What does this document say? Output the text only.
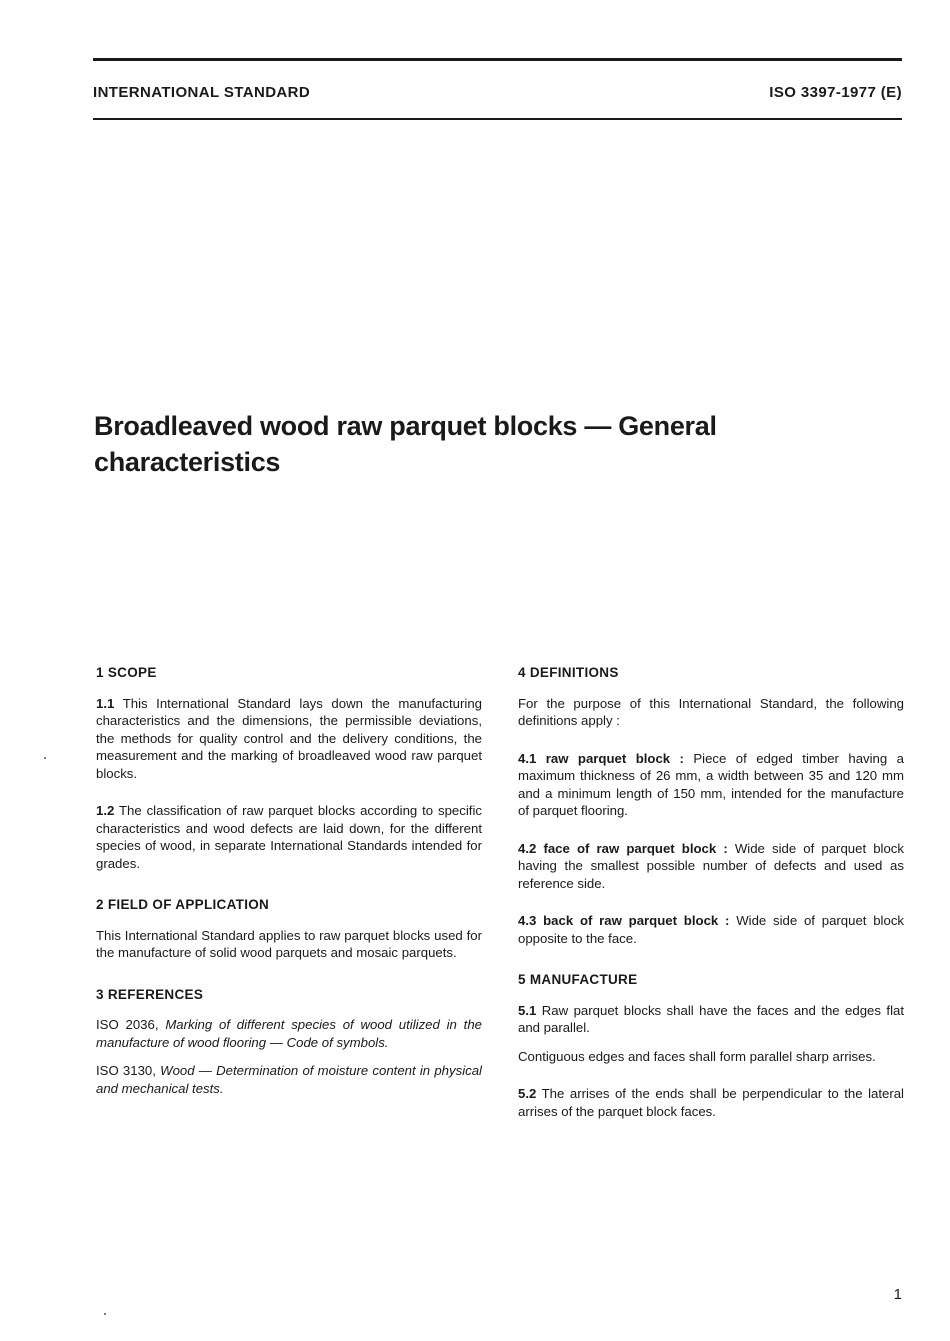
INTERNATIONAL STANDARD	ISO 3397-1977 (E)
Broadleaved wood raw parquet blocks — General
characteristics
1 SCOPE

1.1 This International Standard lays down the manufacturing characteristics and the dimensions, the permissible deviations, the methods for quality control and the delivery conditions, the measurement and the marking of broadleaved wood raw parquet blocks.

1.2 The classification of raw parquet blocks according to specific characteristics and wood defects are laid down, for the different species of wood, in separate International Standards intended for grades.

2 FIELD OF APPLICATION

This International Standard applies to raw parquet blocks used for the manufacture of solid wood parquets and mosaic parquets.

3 REFERENCES

ISO 2036, Marking of different species of wood utilized in the manufacture of wood flooring — Code of symbols.

ISO 3130, Wood — Determination of moisture content in physical and mechanical tests.

4 DEFINITIONS

For the purpose of this International Standard, the following definitions apply :

4.1 raw parquet block : Piece of edged timber having a maximum thickness of 26 mm, a width between 35 and 120 mm and a minimum length of 150 mm, intended for the manufacture of parquet flooring.

4.2 face of raw parquet block : Wide side of parquet block having the smallest possible number of defects and used as reference side.

4.3 back of raw parquet block : Wide side of parquet block opposite to the face.

5 MANUFACTURE

5.1 Raw parquet blocks shall have the faces and the edges flat and parallel.

Contiguous edges and faces shall form parallel sharp arrises.

5.2 The arrises of the ends shall be perpendicular to the lateral arrises of the parquet block faces.

1
